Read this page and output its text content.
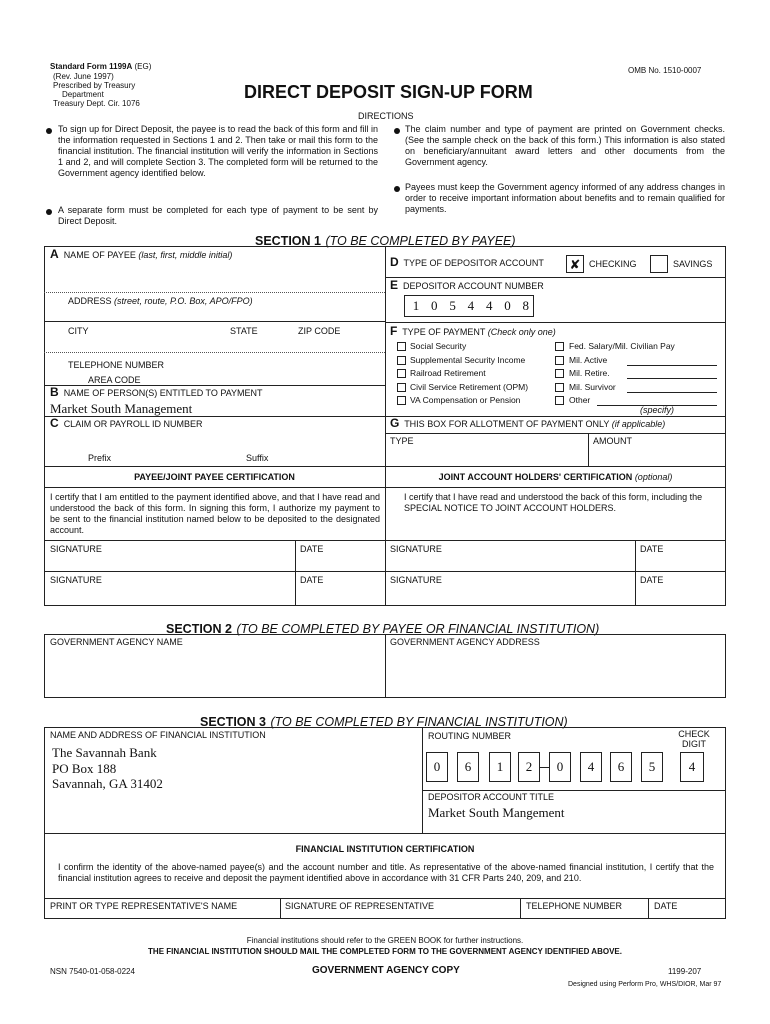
Standard Form 1199A (EG)
(Rev. June 1997)
Prescribed by Treasury
Department
Treasury Dept. Cir. 1076
OMB No. 1510-0007
DIRECT DEPOSIT SIGN-UP FORM
DIRECTIONS
To sign up for Direct Deposit, the payee is to read the back of this form and fill in the information requested in Sections 1 and 2. Then take or mail this form to the financial institution. The financial institution will verify the information in Sections 1 and 2, and will complete Section 3. The completed form will be returned to the Government agency identified below.
A separate form must be completed for each type of payment to be sent by Direct Deposit.
The claim number and type of payment are printed on Government checks. (See the sample check on the back of this form.) This information is also stated on beneficiary/annuitant award letters and other documents from the Government agency.
Payees must keep the Government agency informed of any address changes in order to receive important information about benefits and to remain qualified for payments.
SECTION 1 (TO BE COMPLETED BY PAYEE)
A NAME OF PAYEE (last, first, middle initial)
ADDRESS (street, route, P.O. Box, APO/FPO)
CITY	STATE	ZIP CODE
TELEPHONE NUMBER
AREA CODE
B NAME OF PERSON(S) ENTITLED TO PAYMENT
Market South Management
C CLAIM OR PAYROLL ID NUMBER
Prefix	Suffix
D TYPE OF DEPOSITOR ACCOUNT ✘ CHECKING	SAVINGS
E DEPOSITOR ACCOUNT NUMBER
1 0 5 4 4 0 8
F TYPE OF PAYMENT (Check only one)
Social Security
Supplemental Security Income
Railroad Retirement
Civil Service Retirement (OPM)
VA Compensation or Pension
Fed. Salary/Mil. Civilian Pay
Mil. Active
Mil. Retire.
Mil. Survivor
Other
(specify)
G THIS BOX FOR ALLOTMENT OF PAYMENT ONLY (if applicable)
TYPE	AMOUNT
PAYEE/JOINT PAYEE CERTIFICATION	JOINT ACCOUNT HOLDERS' CERTIFICATION (optional)
I certify that I am entitled to the payment identified above, and that I have read and understood the back of this form. In signing this form, I authorize my payment to be sent to the financial institution named below to be deposited to the designated account.
I certify that I have read and understood the back of this form, including the SPECIAL NOTICE TO JOINT ACCOUNT HOLDERS.
SIGNATURE	DATE	SIGNATURE	DATE
SIGNATURE	DATE	SIGNATURE	DATE
SECTION 2 (TO BE COMPLETED BY PAYEE OR FINANCIAL INSTITUTION)
GOVERNMENT AGENCY NAME	GOVERNMENT AGENCY ADDRESS
SECTION 3 (TO BE COMPLETED BY FINANCIAL INSTITUTION)
NAME AND ADDRESS OF FINANCIAL INSTITUTION
The Savannah Bank
PO Box 188
Savannah, GA 31402
ROUTING NUMBER	CHECK
DIGIT
0	6	1	2	0	4	6	5	4
DEPOSITOR ACCOUNT TITLE
Market South Mangement
FINANCIAL INSTITUTION CERTIFICATION
I confirm the identity of the above-named payee(s) and the account number and title. As representative of the above-named financial institution, I certify that the financial institution agrees to receive and deposit the payment identified above in accordance with 31 CFR Parts 240, 209, and 210.
PRINT OR TYPE REPRESENTATIVE'S NAME	SIGNATURE OF REPRESENTATIVE	TELEPHONE NUMBER	DATE
Financial institutions should refer to the GREEN BOOK for further instructions.
THE FINANCIAL INSTITUTION SHOULD MAIL THE COMPLETED FORM TO THE GOVERNMENT AGENCY IDENTIFIED ABOVE.
NSN 7540-01-058-0224	GOVERNMENT AGENCY COPY	1199-207
Designed using Perform Pro, WHS/DIOR, Mar 97
